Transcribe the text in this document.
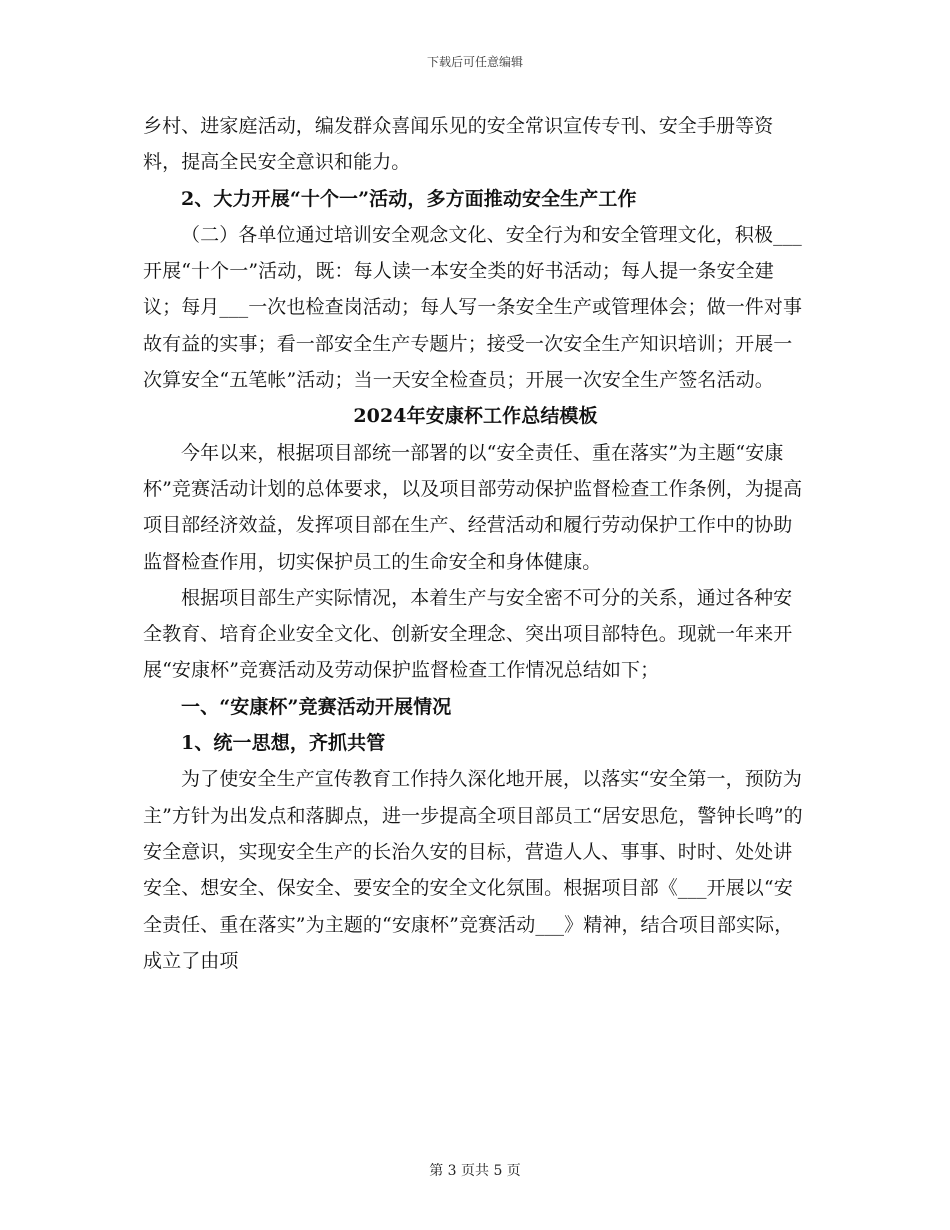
下载后可任意编辑

乡村、进家庭活动，编发群众喜闻乐见的安全常识宣传专刊、安全手册等资料，提高全民安全意识和能力。

2、大力开展“十个一”活动，多方面推动安全生产工作

（二）各单位通过培训安全观念文化、安全行为和安全管理文化，积极___开展“十个一”活动，既：每人读一本安全类的好书活动；每人提一条安全建议；每月___一次也检查岗活动；每人写一条安全生产或管理体会；做一件对事故有益的实事；看一部安全生产专题片；接受一次安全生产知识培训；开展一次算安全“五笔帐”活动；当一天安全检查员；开展一次安全生产签名活动。

2024年安康杯工作总结模板

今年以来，根据项目部统一部署的以“安全责任、重在落实”为主题“安康杯”竞赛活动计划的总体要求，以及项目部劳动保护监督检查工作条例，为提高项目部经济效益，发挥项目部在生产、经营活动和履行劳动保护工作中的协助监督检查作用，切实保护员工的生命安全和身体健康。

根据项目部生产实际情况，本着生产与安全密不可分的关系，通过各种安全教育、培育企业安全文化、创新安全理念、突出项目部特色。现就一年来开展“安康杯”竞赛活动及劳动保护监督检查工作情况总结如下；

一、“安康杯”竞赛活动开展情况

1、统一思想，齐抓共管

为了使安全生产宣传教育工作持久深化地开展，以落实“安全第一，预防为主”方针为出发点和落脚点，进一步提高全项目部员工“居安思危，警钟长鸣”的安全意识，实现安全生产的长治久安的目标，营造人人、事事、时时、处处讲安全、想安全、保安全、要安全的安全文化氛围。根据项目部《___开展以“安全责任、重在落实”为主题的“安康杯”竞赛活动___》精神，结合项目部实际，成立了由项

第 3 页共 5 页
